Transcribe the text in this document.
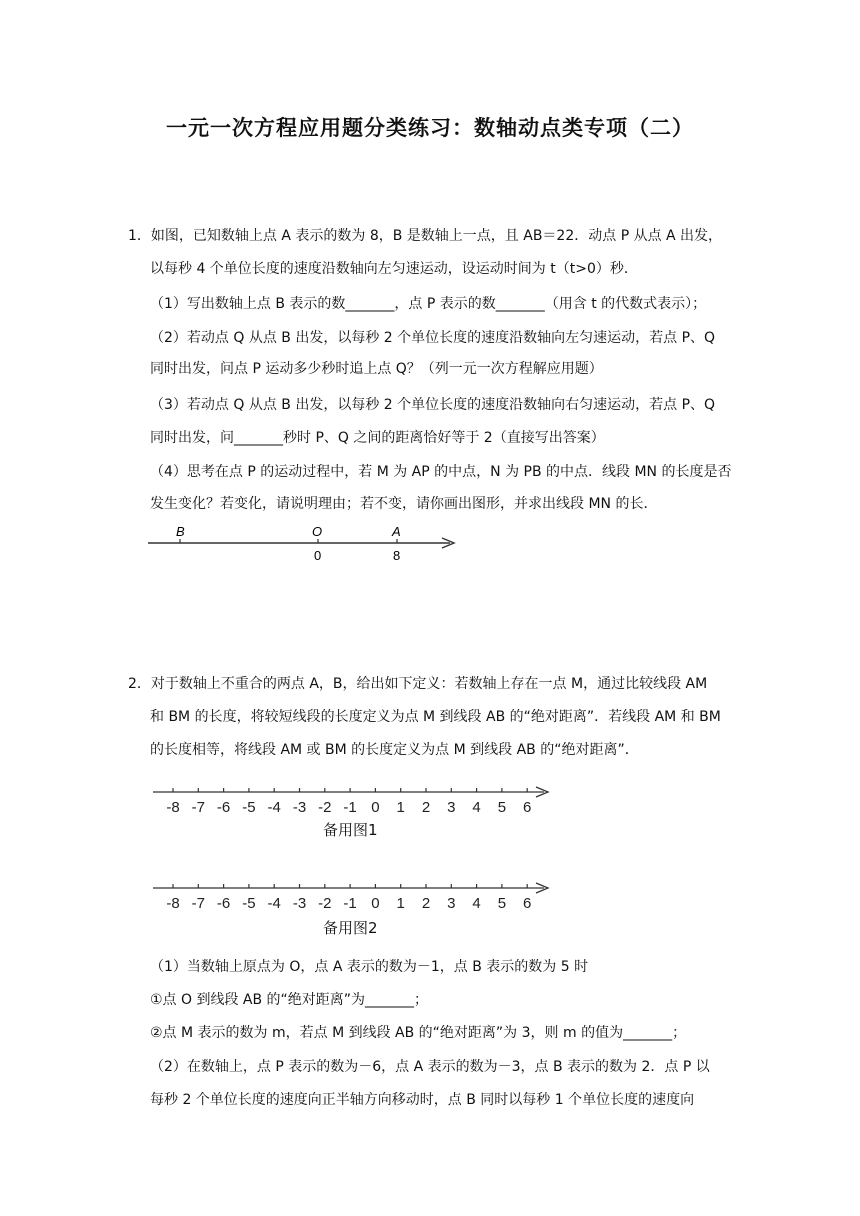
一元一次方程应用题分类练习：数轴动点类专项（二）
1．如图，已知数轴上点 A 表示的数为 8，B 是数轴上一点，且 AB＝22．动点 P 从点 A 出发，
以每秒 4 个单位长度的速度沿数轴向左匀速运动，设运动时间为 t（t>0）秒．
（1）写出数轴上点 B 表示的数_______，点 P 表示的数_______（用含 t 的代数式表示）；
（2）若动点 Q 从点 B 出发，以每秒 2 个单位长度的速度沿数轴向左匀速运动，若点 P、Q
同时出发，问点 P 运动多少秒时追上点 Q？（列一元一次方程解应用题）
（3）若动点 Q 从点 B 出发，以每秒 2 个单位长度的速度沿数轴向右匀速运动，若点 P、Q
同时出发，问_______秒时 P、Q 之间的距离恰好等于 2（直接写出答案）
（4）思考在点 P 的运动过程中，若 M 为 AP 的中点，N 为 PB 的中点．线段 MN 的长度是否
发生变化？若变化，请说明理由；若不变，请你画出图形，并求出线段 MN 的长．
B	O	A
0	8
2．对于数轴上不重合的两点 A，B，给出如下定义：若数轴上存在一点 M，通过比较线段 AM
和 BM 的长度，将较短线段的长度定义为点 M 到线段 AB 的“绝对距离”．若线段 AM 和 BM
的长度相等，将线段 AM 或 BM 的长度定义为点 M 到线段 AB 的“绝对距离”．
-8 -7 -6 -5 -4 -3 -2 -1 0 1 2 3 4 5 6
备用图1
-8 -7 -6 -5 -4 -3 -2 -1 0 1 2 3 4 5 6
备用图2
（1）当数轴上原点为 O，点 A 表示的数为－1，点 B 表示的数为 5 时
①点 O 到线段 AB 的“绝对距离”为_______；
②点 M 表示的数为 m，若点 M 到线段 AB 的“绝对距离”为 3，则 m 的值为_______；
（2）在数轴上，点 P 表示的数为－6，点 A 表示的数为－3，点 B 表示的数为 2．点 P 以
每秒 2 个单位长度的速度向正半轴方向移动时，点 B 同时以每秒 1 个单位长度的速度向
